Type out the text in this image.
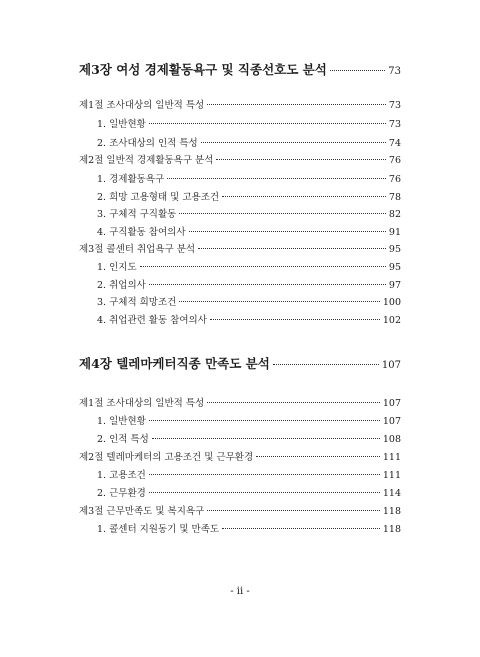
제3장 여성 경제활동욕구 및 직종선호도 분석	73
제1절 조사대상의 일반적 특성	73
1. 일반현황	73
2. 조사대상의 인적 특성	74
제2절 일반적 경제활동욕구 분석	76
1. 경제활동욕구	76
2. 희망 고용형태 및 고용조건	78
3. 구체적 구직활동	82
4. 구직활동 참여의사	91
제3절 콜센터 취업욕구 분석	95
1. 인지도	95
2. 취업의사	97
3. 구체적 희망조건	100
4. 취업관련 활동 참여의사	102
제4장 텔레마케터직종 만족도 분석	107
제1절 조사대상의 일반적 특성	107
1. 일반현황	107
2. 인적 특성	108
제2절 텔레마케터의 고용조건 및 근무환경	111
1. 고용조건	111
2. 근무환경	114
제3절 근무만족도 및 복지욕구	118
1. 콜센터 지원동기 및 만족도	118
- ii -
